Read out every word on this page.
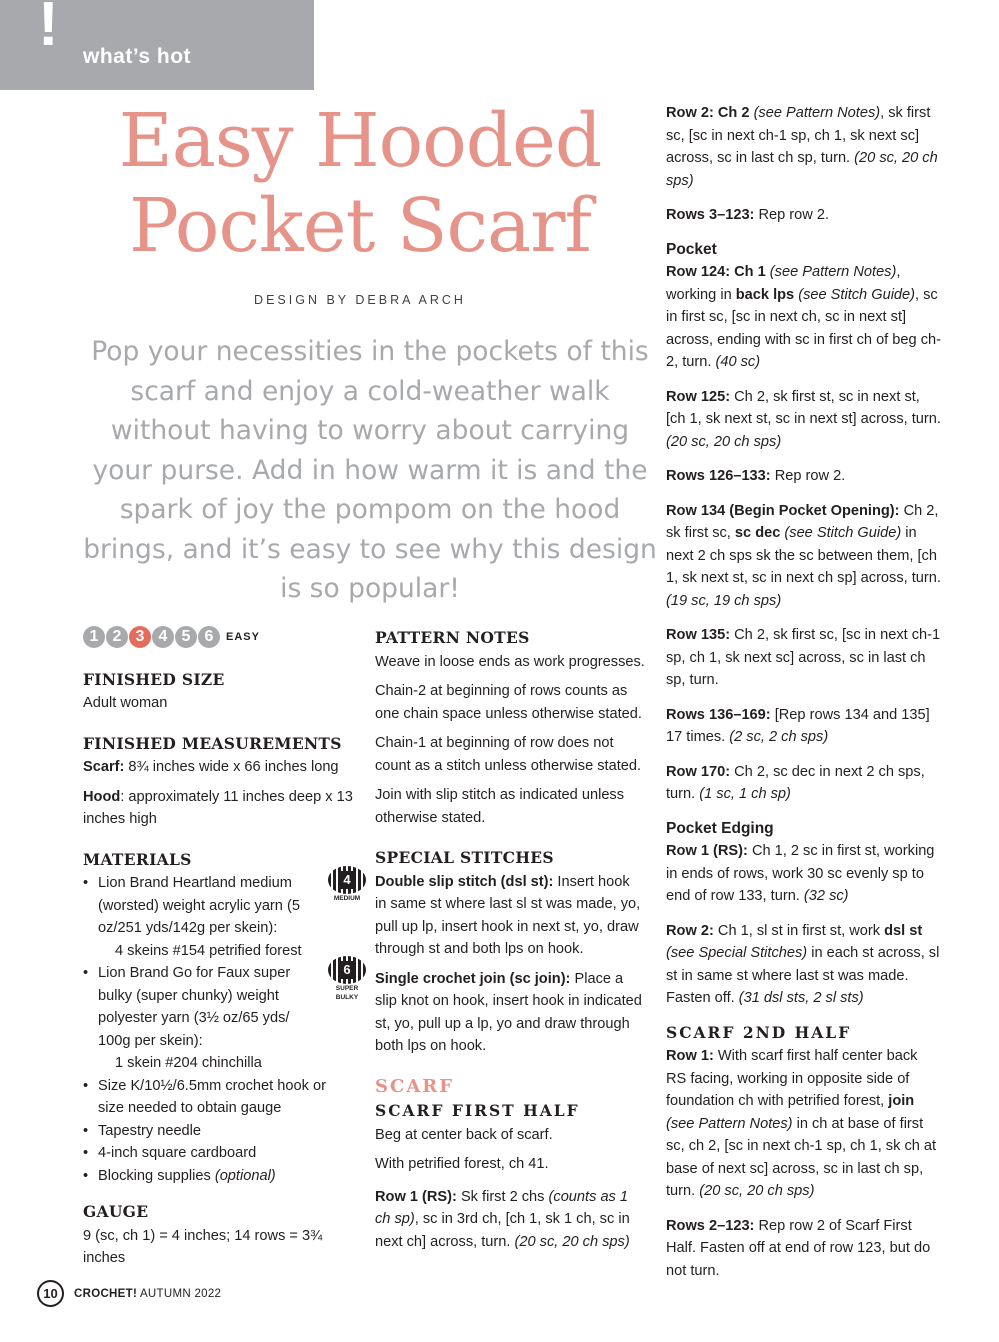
! what’s hot
Easy Hooded
Pocket Scarf
DESIGN BY DEBRA ARCH
Pop your necessities in the pockets of this scarf and enjoy a cold-weather walk without having to worry about carrying your purse. Add in how warm it is and the spark of joy the pompom on the hood brings, and it’s easy to see why this design is so popular!
1 2 3 4 5 6	EASY
FINISHED SIZE

Adult woman

FINISHED MEASUREMENTS

Scarf: 8¾ inches wide x 66 inches long

Hood: approximately 11 inches deep x 13 inches high

MATERIALS
• Lion Brand Heartland medium (worsted) weight acrylic yarn (5 oz/251 yds/142g per skein):
4 skeins #154 petrified forest
4
MEDIUM
• Lion Brand Go for Faux super bulky (super chunky) weight polyester yarn (3½ oz/65 yds/ 100g per skein):
1 skein #204 chinchilla
6
SUPER BULKY
• Size K/10½/6.5mm crochet hook or size needed to obtain gauge
• Tapestry needle
• 4-inch square cardboard
• Blocking supplies (optional)
GAUGE

9 (sc, ch 1) = 4 inches; 14 rows = 3¾ inches

PATTERN NOTES

Weave in loose ends as work progresses.

Chain-2 at beginning of rows counts as one chain space unless otherwise stated.

Chain-1 at beginning of row does not count as a stitch unless otherwise stated.

Join with slip stitch as indicated unless otherwise stated.

SPECIAL STITCHES

Double slip stitch (dsl st): Insert hook in same st where last sl st was made, yo, pull up lp, insert hook in next st, yo, draw through st and both lps on hook.

Single crochet join (sc join): Place a slip knot on hook, insert hook in indicated st, yo, pull up a lp, yo and draw through both lps on hook.

SCARF
SCARF FIRST HALF

Beg at center back of scarf.

With petrified forest, ch 41.

Row 1 (RS): Sk first 2 chs (counts as 1 ch sp), sc in 3rd ch, [ch 1, sk 1 ch, sc in next ch] across, turn. (20 sc, 20 ch sps)

Row 2: Ch 2 (see Pattern Notes), sk first sc, [sc in next ch-1 sp, ch 1, sk next sc] across, sc in last ch sp, turn. (20 sc, 20 ch sps)

Rows 3–123: Rep row 2.

Pocket

Row 124: Ch 1 (see Pattern Notes), working in back lps (see Stitch Guide), sc in first sc, [sc in next ch, sc in next st] across, ending with sc in first ch of beg ch-2, turn. (40 sc)

Row 125: Ch 2, sk first st, sc in next st, [ch 1, sk next st, sc in next st] across, turn. (20 sc, 20 ch sps)

Rows 126–133: Rep row 2.

Row 134 (Begin Pocket Opening): Ch 2, sk first sc, sc dec (see Stitch Guide) in next 2 ch sps sk the sc between them, [ch 1, sk next st, sc in next ch sp] across, turn. (19 sc, 19 ch sps)

Row 135: Ch 2, sk first sc, [sc in next ch-1 sp, ch 1, sk next sc] across, sc in last ch sp, turn.

Rows 136–169: [Rep rows 134 and 135] 17 times. (2 sc, 2 ch sps)

Row 170: Ch 2, sc dec in next 2 ch sps, turn. (1 sc, 1 ch sp)

Pocket Edging

Row 1 (RS): Ch 1, 2 sc in first st, working in ends of rows, work 30 sc evenly sp to end of row 133, turn. (32 sc)

Row 2: Ch 1, sl st in first st, work dsl st (see Special Stitches) in each st across, sl st in same st where last st was made. Fasten off. (31 dsl sts, 2 sl sts)

SCARF 2ND HALF

Row 1: With scarf first half center back RS facing, working in opposite side of foundation ch with petrified forest, join (see Pattern Notes) in ch at base of first sc, ch 2, [sc in next ch-1 sp, ch 1, sk ch at base of next sc] across, sc in last ch sp, turn. (20 sc, 20 ch sps)

Rows 2–123: Rep row 2 of Scarf First Half. Fasten off at end of row 123, but do not turn.

10	CROCHET! AUTUMN 2022
